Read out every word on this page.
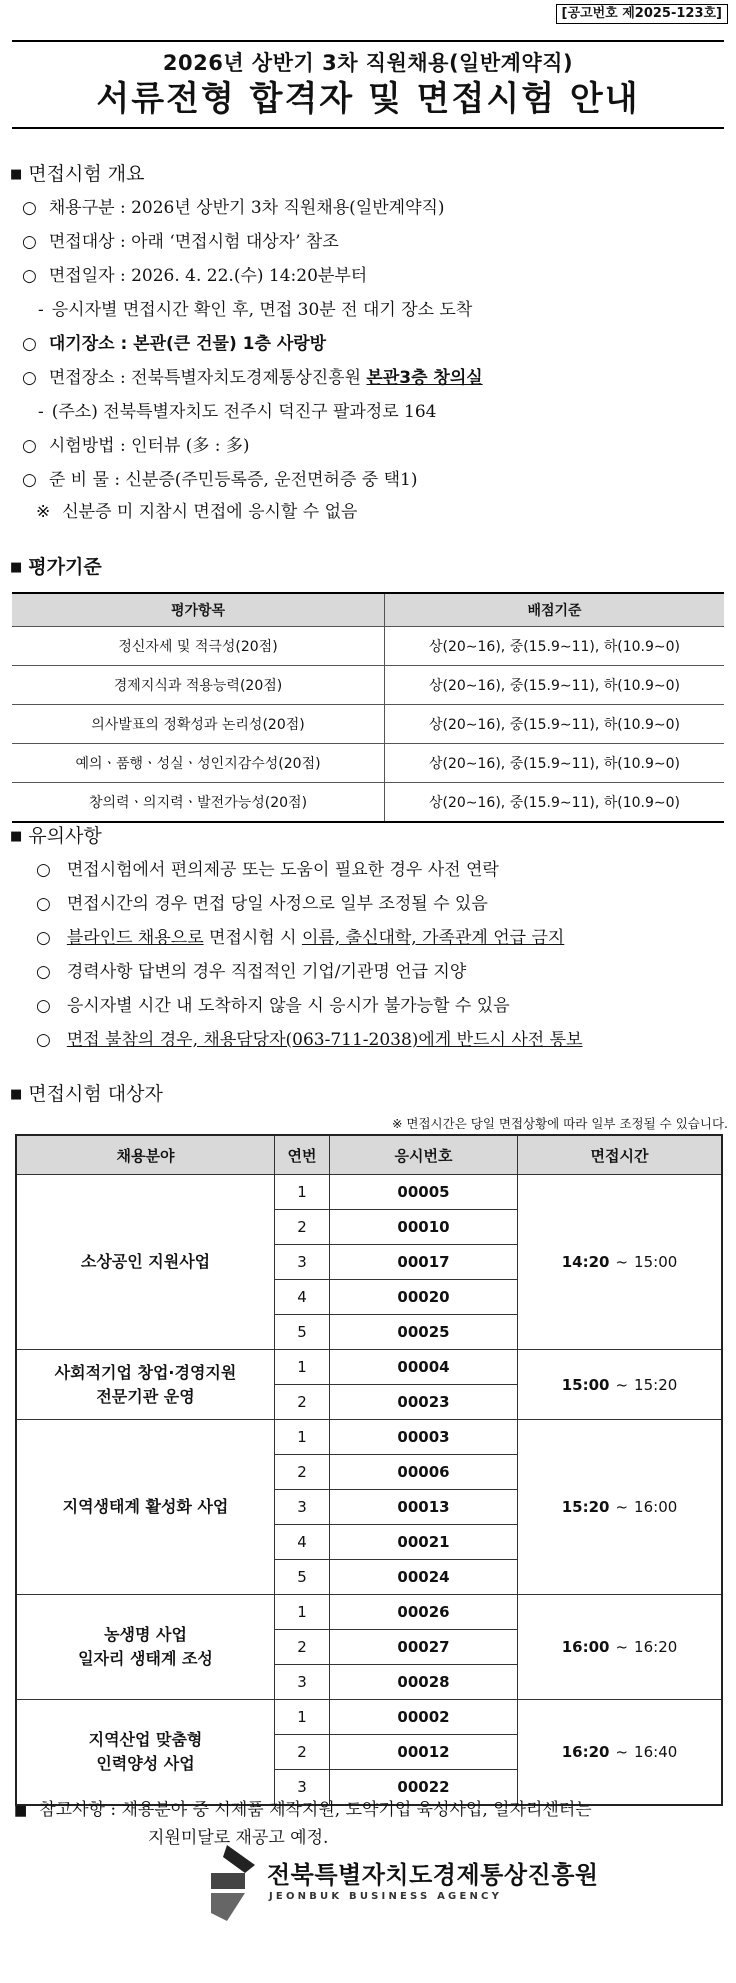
[공고번호 제2025-123호]
2026년 상반기 3차 직원채용(일반계약직)
서류전형 합격자 및 면접시험 안내
■ 면접시험 개요
○ 채용구분 : 2026년 상반기 3차 직원채용(일반계약직)
○ 면접대상 : 아래 ‘면접시험 대상자’ 참조
○ 면접일자 : 2026. 4. 22.(수) 14:20분부터
- 응시자별 면접시간 확인 후, 면접 30분 전 대기 장소 도착
○ 대기장소 : 본관(큰 건물) 1층 사랑방
○ 면접장소 : 전북특별자치도경제통상진흥원 본관3층 창의실
- (주소) 전북특별자치도 전주시 덕진구 팔과정로 164
○ 시험방법 : 인터뷰 (多 : 多)
○ 준 비 물 : 신분증(주민등록증, 운전면허증 중 택1)
※ 신분증 미 지참시 면접에 응시할 수 없음
■ 평가기준
평가항목	배점기준
정신자세 및 적극성(20점)	상(20∼16), 중(15.9∼11), 하(10.9∼0)
경제지식과 적용능력(20점)	상(20∼16), 중(15.9∼11), 하(10.9∼0)
의사발표의 정확성과 논리성(20점)	상(20∼16), 중(15.9∼11), 하(10.9∼0)
예의ㆍ품행ㆍ성실ㆍ성인지감수성(20점)	상(20∼16), 중(15.9∼11), 하(10.9∼0)
창의력ㆍ의지력ㆍ발전가능성(20점)	상(20∼16), 중(15.9∼11), 하(10.9∼0)
■ 유의사항
○ 면접시험에서 편의제공 또는 도움이 필요한 경우 사전 연락
○ 면접시간의 경우 면접 당일 사정으로 일부 조정될 수 있음
○ 블라인드 채용으로 면접시험 시 이름, 출신대학, 가족관계 언급 금지
○ 경력사항 답변의 경우 직접적인 기업/기관명 언급 지양
○ 응시자별 시간 내 도착하지 않을 시 응시가 불가능할 수 있음
○ 면접 불참의 경우, 채용담당자(063-711-2038)에게 반드시 사전 통보
■ 면접시험 대상자
※ 면접시간은 당일 면접상황에 따라 일부 조정될 수 있습니다.
채용분야	연번	응시번호	면접시간

소상공인 지원사업	1	00005	14:20 ~ 15:00
	2	00010	
	3	00017	
	4	00020	
	5	00025	

사회적기업 창업·경영지원
전문기관 운영	1	00004	15:00 ~ 15:20
	2	00023	

지역생태계 활성화 사업	1	00003	15:20 ~ 16:00
	2	00006	
	3	00013	
	4	00021	
	5	00024	

농생명 사업
일자리 생태계 조성	1	00026	16:00 ~ 16:20
	2	00027	
	3	00028	

지역산업 맞춤형
인력양성 사업	1	00002	16:20 ~ 16:40
	2	00012	
	3	00022	
■ 참고사항 : 채용분야 중 시제품 제작지원, 도약기업 육성사업, 일자리센터는
지원미달로 재공고 예정.
전북특별자치도경제통상진흥원
JEONBUK BUSINESS AGENCY
